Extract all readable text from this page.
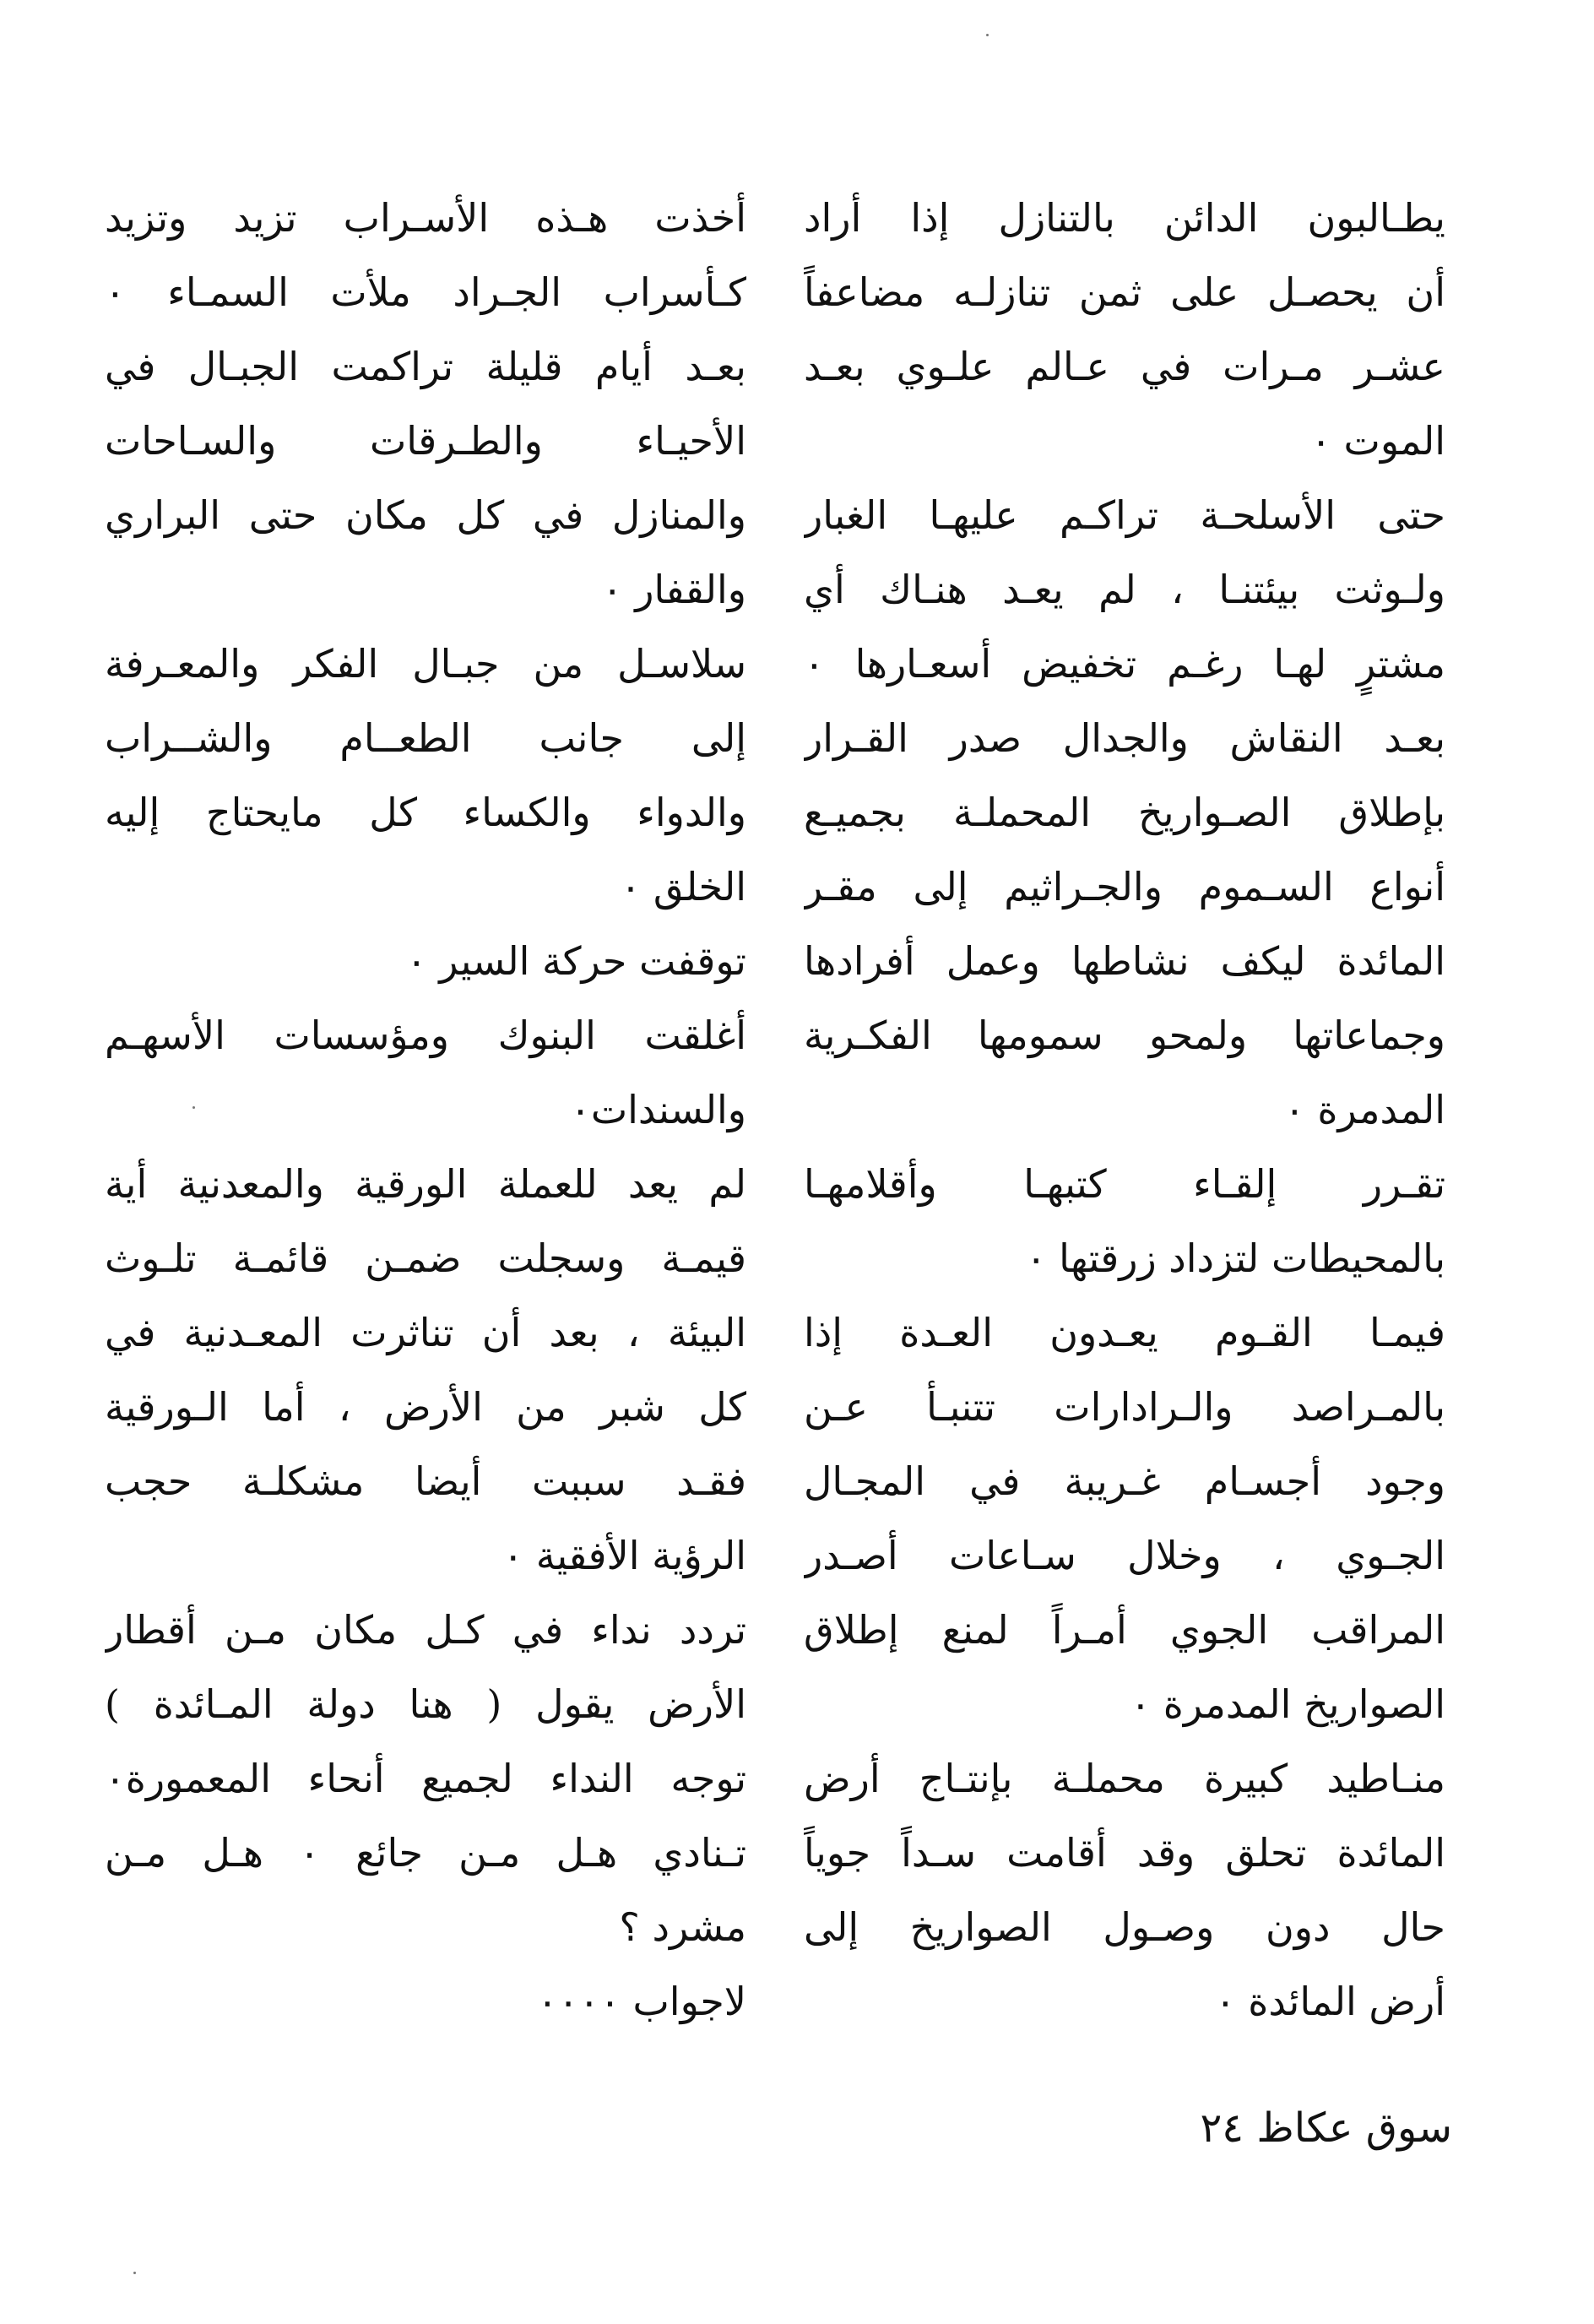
يطـالبون الدائن بالتنازل إذا أراد
أن يحصـل على ثمن تنازلـه مضاعفاً
عشـر مـرات في عـالم علـوي بعـد
الموت ٠
حتى الأسلحـة تراكـم عليهـا الغبار
ولـوثت بيئتنـا ، لم يعـد هنـاك أي
مشترٍ لهـا رغـم تخفيض أسعـارها ٠
بعـد النقاش والجدال صدر القـرار
بإطلاق الصـواريخ المحملـة بجميـع
أنواع السـموم والجـراثيم إلى مقـر
المائدة ليكف نشاطها وعمل أفرادها
وجماعاتها ولمحو سمومها الفكـرية
المدمرة ٠
تقـرر إلقـاء كتبهـا وأقلامهـا
بالمحيطات لتزداد زرقتها ٠
فيمـا القـوم يعـدون العـدة إذا
بالمـراصد والـرادارات تتنبـأ عـن
وجود أجسـام غـريبة في المجـال
الجـوي ، وخلال سـاعات أصـدر
المراقب الجوي أمـراً لمنع إطلاق
الصواريخ المدمرة ٠
منـاطيد كبيرة محملـة بإنتـاج أرض
المائدة تحلق وقد أقامت سـداً جوياً
حال دون وصـول الصواريخ إلى
أرض المائدة ٠
أخذت هـذه الأسـراب تزيد وتزيد
كـأسراب الجـراد ملأت السمـاء ٠
بعـد أيام قليلة تراكمت الجبـال في
الأحيـاء والطـرقات والسـاحات
والمنازل في كل مكان حتى البراري
والقفار ٠
سلاسـل من جبـال الفكر والمعـرفة
إلى جانب الطعــام والشــراب
والدواء والكساء كل مايحتاج إليه
الخلق ٠
توقفت حركة السير ٠
أغلقت البنوك ومؤسسات الأسهـم
والسندات٠
لم يعد للعملة الورقية والمعدنية أية
قيمـة وسجلت ضمـن قائمـة تلـوث
البيئة ، بعد أن تناثرت المعـدنية في
كل شبر من الأرض ، أما الـورقية
فقـد سببت أيضا مشكلـة حجب
الرؤية الأفقية ٠
تردد نداء في كـل مكان مـن أقطار
الأرض يقول ( هنا دولة المـائدة )
توجه النداء لجميع أنحاء المعمورة٠
تـنادي هـل مـن جائع ٠ هـل مـن
مشرد ؟
لاجواب ٠٠٠٠
سوق عكاظ ٢٤
